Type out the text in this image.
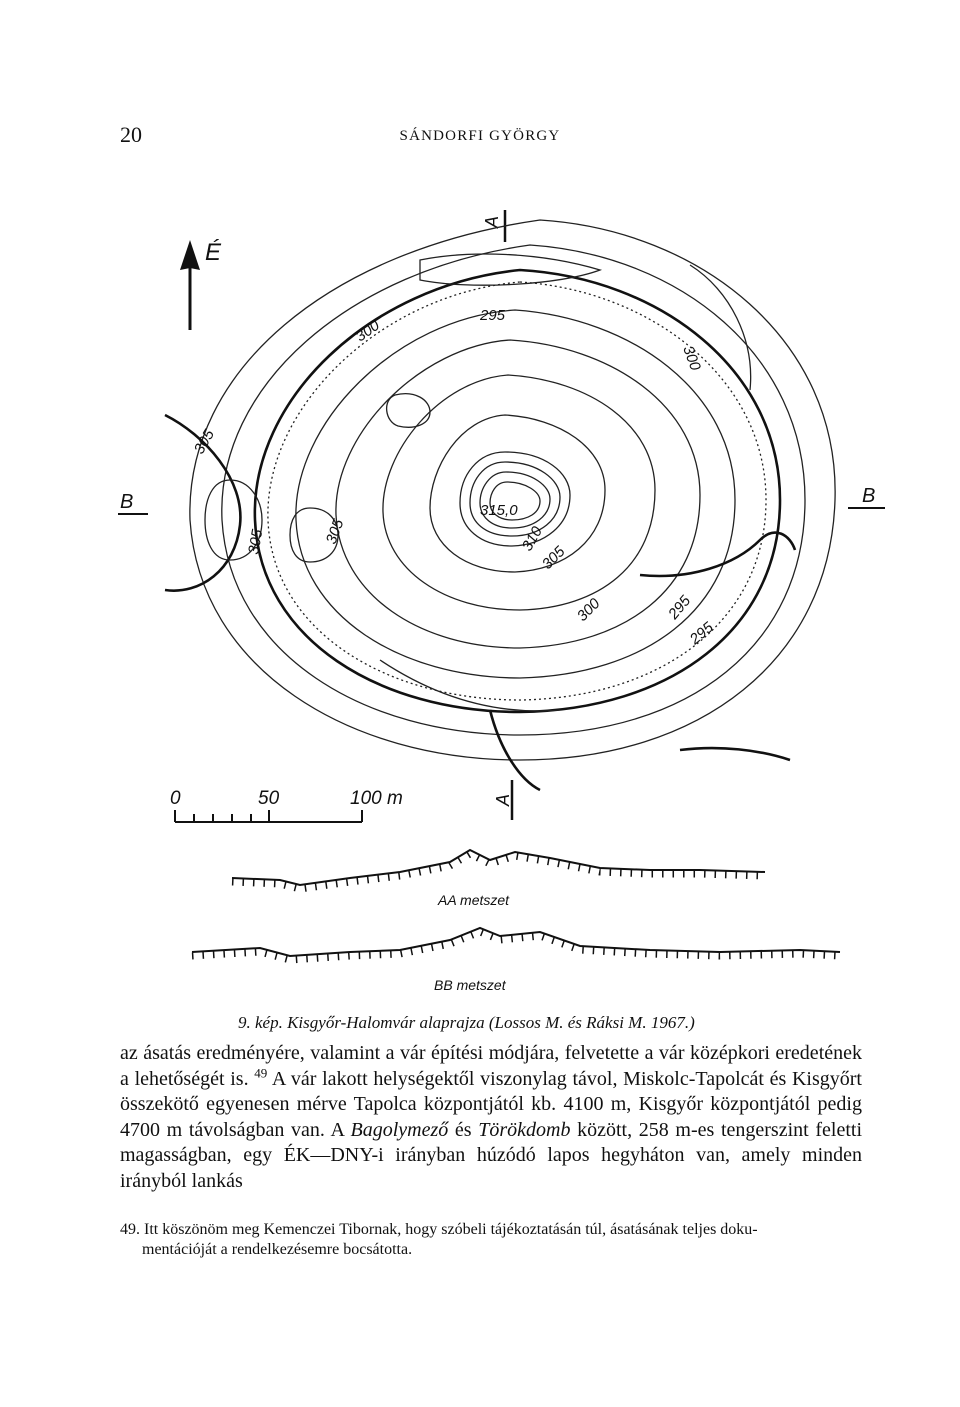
20	SÁNDORFI GYÖRGY
É
A
A
B	B
300
295
305
300
305
315,0
310
305
300	295
295
305
0	50	100 m
AA metszet
BB metszet
9. kép. Kisgyőr-Halomvár alaprajza (Lossos M. és Ráksi M. 1967.)

az ásatás eredményére, valamint a vár építési módjára, felvetette a vár középkori eredetének a lehetőségét is. $^{49}$ A vár lakott helységektől viszonylag távol, Miskolc-Tapolcát és Kisgyőrt összekötő egyenesen mérve Tapolca központjától kb. 4100 m, Kisgyőr központjától pedig 4700 m távolságban van. A Bagolymező és Törökdomb között, 258 m-es tengerszint feletti magasságban, egy ÉK—DNY-i irányban húzódó lapos hegyháton van, amely minden irányból lankás

49. Itt köszönöm meg Kemenczei Tibornak, hogy szóbeli tájékoztatásán túl, ásatásának teljes doku-

mentációját a rendelkezésemre bocsátotta.
